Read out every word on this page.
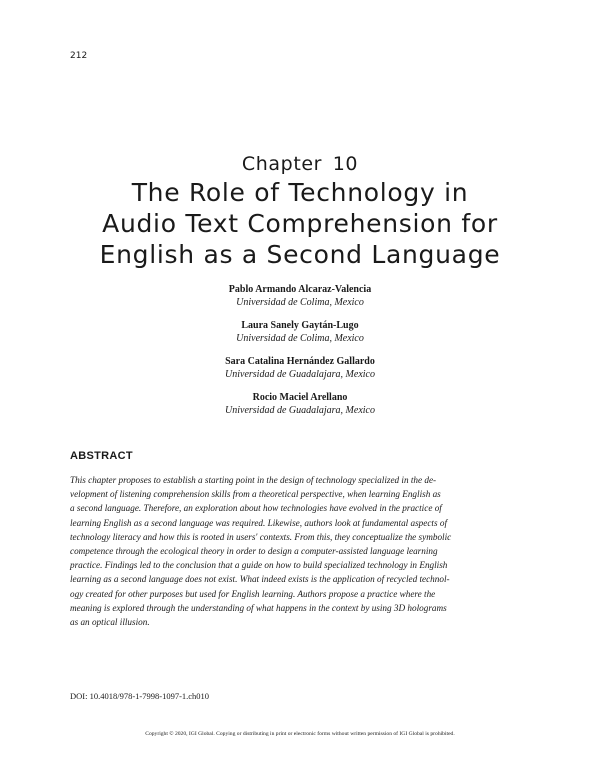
212
Chapter 10
The Role of Technology in
Audio Text Comprehension for
English as a Second Language
Pablo Armando Alcaraz-Valencia
Universidad de Colima, Mexico
Laura Sanely Gaytán-Lugo
Universidad de Colima, Mexico
Sara Catalina Hernández Gallardo
Universidad de Guadalajara, Mexico
Rocio Maciel Arellano
Universidad de Guadalajara, Mexico
ABSTRACT
This chapter proposes to establish a starting point in the design of technology specialized in the de-
velopment of listening comprehension skills from a theoretical perspective, when learning English as
a second language. Therefore, an exploration about how technologies have evolved in the practice of
learning English as a second language was required. Likewise, authors look at fundamental aspects of
technology literacy and how this is rooted in users' contexts. From this, they conceptualize the symbolic
competence through the ecological theory in order to design a computer-assisted language learning
practice. Findings led to the conclusion that a guide on how to build specialized technology in English
learning as a second language does not exist. What indeed exists is the application of recycled technol-
ogy created for other purposes but used for English learning. Authors propose a practice where the
meaning is explored through the understanding of what happens in the context by using 3D holograms
as an optical illusion.
DOI: 10.4018/978-1-7998-1097-1.ch010
Copyright © 2020, IGI Global. Copying or distributing in print or electronic forms without written permission of IGI Global is prohibited.
